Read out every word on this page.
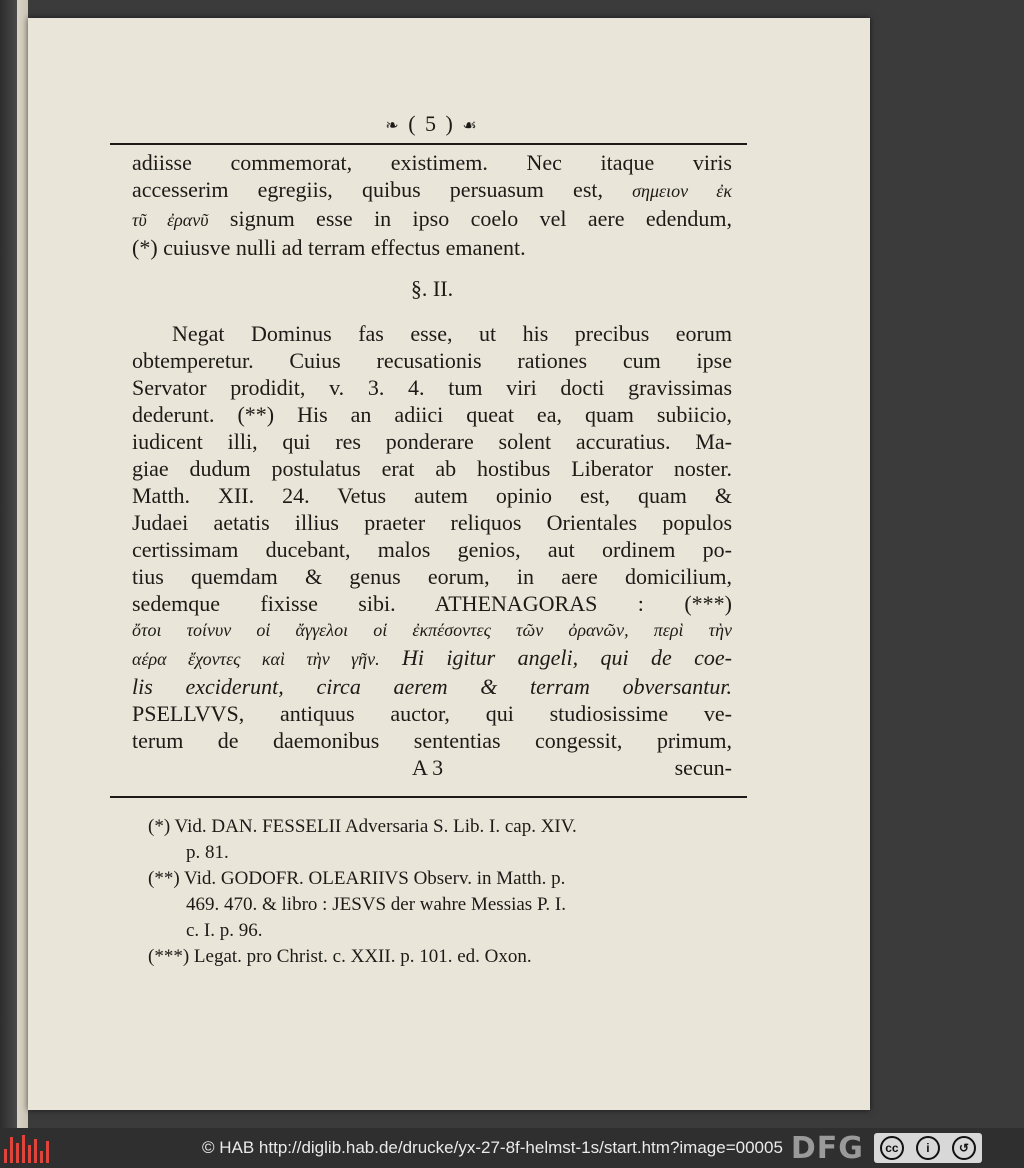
❧ ( 5 ) ☙
adiisse commemorat, existimem. Nec itaque viris
accesserim egregiis, quibus persuasum est, σημειον ἐκ
τῦ ἐρανῦ signum esse in ipso coelo vel aere edendum,
(*) cuiusve nulli ad terram effectus emanent.
§. II.
Negat Dominus fas esse, ut his precibus eorum
obtemperetur. Cuius recusationis rationes cum ipse
Servator prodidit, v. 3. 4. tum viri docti gravissimas
dederunt. (**) His an adiici queat ea, quam subiicio,
iudicent illi, qui res ponderare solent accuratius. Ma-
giae dudum postulatus erat ab hostibus Liberator noster.
Matth. XII. 24. Vetus autem opinio est, quam &
Judaei aetatis illius praeter reliquos Orientales populos
certissimam ducebant, malos genios, aut ordinem po-
tius quemdam & genus eorum, in aere domicilium,
sedemque fixisse sibi. ATHENAGORAS : (***)
ὄτοι τοίνυν οἱ ἄγγελοι οἱ ἐκπέσοντες τῶν ὀρανῶν, περὶ τὴν
αέρα ἔχοντες καὶ τὴν γῆν. Hi igitur angeli, qui de coe-
lis exciderunt, circa aerem & terram obversantur.
PSELLVVS, antiquus auctor, qui studiosissime ve-
terum de daemonibus sententias congessit, primum,
A 3	secun-
(*) Vid. DAN. FESSELII Adversaria S. Lib. I. cap. XIV.
p. 81.
(**) Vid. GODOFR. OLEARIIVS Observ. in Matth. p.
469. 470. & libro : JESVS der wahre Messias P. I.
c. I. p. 96.
(***) Legat. pro Christ. c. XXII. p. 101. ed. Oxon.
© HAB http://diglib.hab.de/drucke/yx-27-8f-helmst-1s/start.htm?image=00005 DFG	cc	i	↺
